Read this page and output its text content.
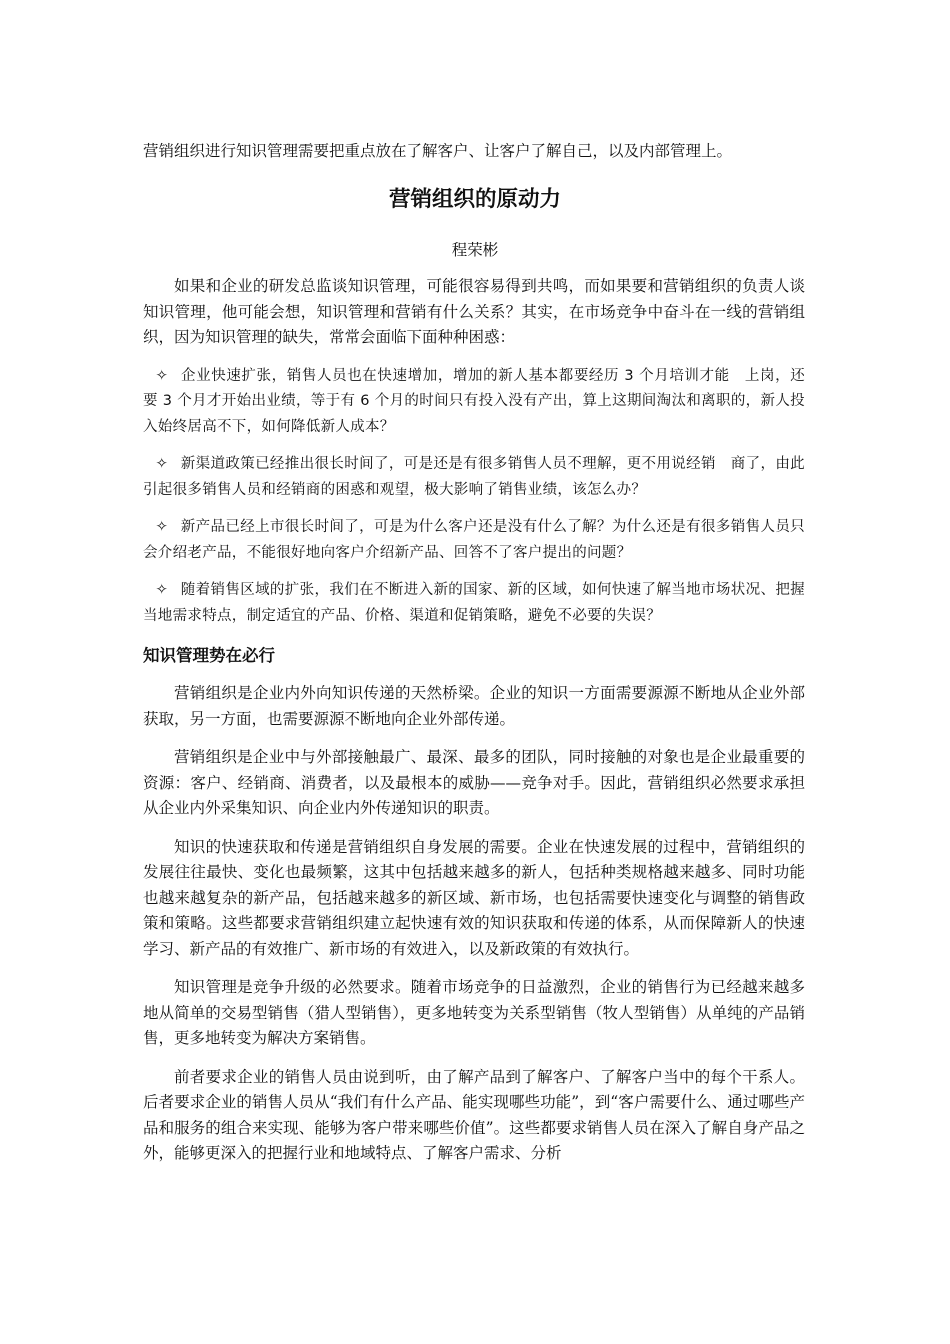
营销组织进行知识管理需要把重点放在了解客户、让客户了解自己，以及内部管理上。
营销组织的原动力
程荣彬

如果和企业的研发总监谈知识管理，可能很容易得到共鸣，而如果要和营销组织的负责人谈知识管理，他可能会想，知识管理和营销有什么关系？其实，在市场竞争中奋斗在一线的营销组织，因为知识管理的缺失，常常会面临下面种种困惑：

✧ 企业快速扩张，销售人员也在快速增加，增加的新人基本都要经历 3 个月培训才能　上岗，还要 3 个月才开始出业绩，等于有 6 个月的时间只有投入没有产出，算上这期间淘汰和离职的，新人投入始终居高不下，如何降低新人成本？

✧ 新渠道政策已经推出很长时间了，可是还是有很多销售人员不理解，更不用说经销　商了，由此引起很多销售人员和经销商的困惑和观望，极大影响了销售业绩，该怎么办？

✧ 新产品已经上市很长时间了，可是为什么客户还是没有什么了解？为什么还是有很多销售人员只会介绍老产品，不能很好地向客户介绍新产品、回答不了客户提出的问题？

✧ 随着销售区域的扩张，我们在不断进入新的国家、新的区域，如何快速了解当地市场状况、把握当地需求特点，制定适宜的产品、价格、渠道和促销策略，避免不必要的失误？

知识管理势在必行

营销组织是企业内外向知识传递的天然桥梁。企业的知识一方面需要源源不断地从企业外部获取，另一方面，也需要源源不断地向企业外部传递。

营销组织是企业中与外部接触最广、最深、最多的团队，同时接触的对象也是企业最重要的资源：客户、经销商、消费者，以及最根本的威胁——竞争对手。因此，营销组织必然要求承担从企业内外采集知识、向企业内外传递知识的职责。

知识的快速获取和传递是营销组织自身发展的需要。企业在快速发展的过程中，营销组织的发展往往最快、变化也最频繁，这其中包括越来越多的新人，包括种类规格越来越多、同时功能也越来越复杂的新产品，包括越来越多的新区域、新市场，也包括需要快速变化与调整的销售政策和策略。这些都要求营销组织建立起快速有效的知识获取和传递的体系，从而保障新人的快速学习、新产品的有效推广、新市场的有效进入，以及新政策的有效执行。

知识管理是竞争升级的必然要求。随着市场竞争的日益激烈，企业的销售行为已经越来越多地从简单的交易型销售（猎人型销售），更多地转变为关系型销售（牧人型销售）从单纯的产品销售，更多地转变为解决方案销售。

前者要求企业的销售人员由说到听，由了解产品到了解客户、了解客户当中的每个干系人。后者要求企业的销售人员从“我们有什么产品、能实现哪些功能”，到“客户需要什么、通过哪些产品和服务的组合来实现、能够为客户带来哪些价值”。这些都要求销售人员在深入了解自身产品之外，能够更深入的把握行业和地域特点、了解客户需求、分析
